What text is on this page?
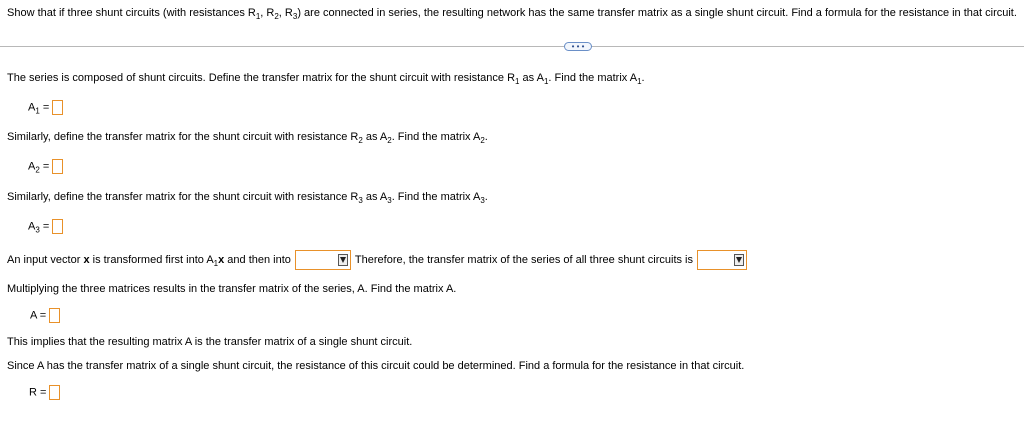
Show that if three shunt circuits (with resistances $R_1$, $R_2$, $R_3$) are connected in series, the resulting network has the same transfer matrix as a single shunt circuit. Find a formula for the resistance in that circuit.
• • •
The series is composed of shunt circuits. Define the transfer matrix for the shunt circuit with resistance $R_1$ as $A_1$. Find the matrix $A_1$.
$A_1$ =
Similarly, define the transfer matrix for the shunt circuit with resistance $R_2$ as $A_2$. Find the matrix $A_2$.
$A_2$ =
Similarly, define the transfer matrix for the shunt circuit with resistance $R_3$ as $A_3$. Find the matrix $A_3$.
$A_3$ =
An input vector x is transformed first into $A_1x$ and then into	Therefore, the transfer matrix of the series of all three shunt circuits is
Multiplying the three matrices results in the transfer matrix of the series, A. Find the matrix A.
A =
This implies that the resulting matrix A is the transfer matrix of a single shunt circuit.
Since A has the transfer matrix of a single shunt circuit, the resistance of this circuit could be determined. Find a formula for the resistance in that circuit.
R =
